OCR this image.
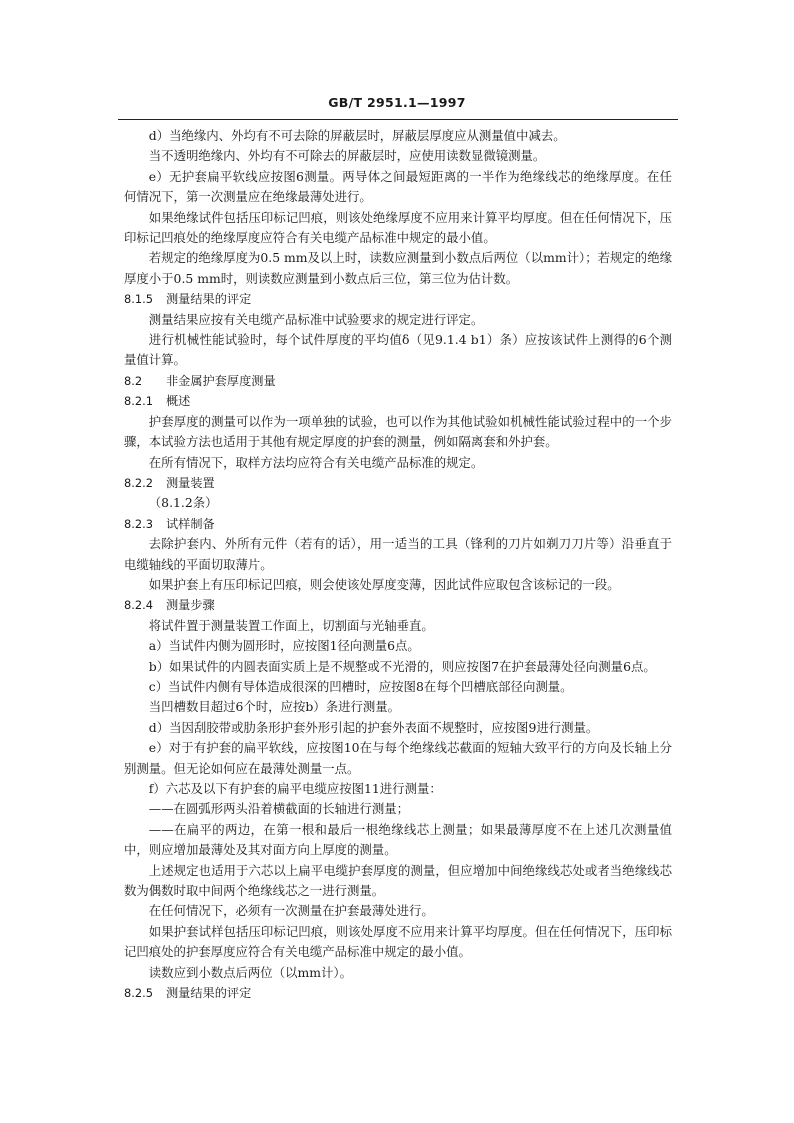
GB/T 2951.1—1997

d）当绝缘内、外均有不可去除的屏蔽层时，屏蔽层厚度应从测量值中减去。

当不透明绝缘内、外均有不可除去的屏蔽层时，应使用读数显微镜测量。

e）无护套扁平软线应按图6测量。两导体之间最短距离的一半作为绝缘线芯的绝缘厚度。在任何情况下，第一次测量应在绝缘最薄处进行。

如果绝缘试件包括压印标记凹痕，则该处绝缘厚度不应用来计算平均厚度。但在任何情况下，压印标记凹痕处的绝缘厚度应符合有关电缆产品标准中规定的最小值。

若规定的绝缘厚度为0.5 mm及以上时，读数应测量到小数点后两位（以mm计）；若规定的绝缘厚度小于0.5 mm时，则读数应测量到小数点后三位，第三位为估计数。

8.1.5 测量结果的评定

测量结果应按有关电缆产品标准中试验要求的规定进行评定。

进行机械性能试验时，每个试件厚度的平均值δ（见9.1.4 b1）条）应按该试件上测得的6个测量值计算。

8.2 非金属护套厚度测量
8.2.1 概述

护套厚度的测量可以作为一项单独的试验，也可以作为其他试验如机械性能试验过程中的一个步骤，本试验方法也适用于其他有规定厚度的护套的测量，例如隔离套和外护套。

在所有情况下，取样方法均应符合有关电缆产品标准的规定。

8.2.2 测量装置

（8.1.2条）

8.2.3 试样制备

去除护套内、外所有元件（若有的话），用一适当的工具（锋利的刀片如剃刀刀片等）沿垂直于电缆轴线的平面切取薄片。

如果护套上有压印标记凹痕，则会使该处厚度变薄，因此试件应取包含该标记的一段。

8.2.4 测量步骤

将试件置于测量装置工作面上，切割面与光轴垂直。

a）当试件内侧为圆形时，应按图1径向测量6点。

b）如果试件的内圆表面实质上是不规整或不光滑的，则应按图7在护套最薄处径向测量6点。

c）当试件内侧有导体造成很深的凹槽时，应按图8在每个凹槽底部径向测量。

当凹槽数目超过6个时，应按b）条进行测量。

d）当因刮胶带或肋条形护套外形引起的护套外表面不规整时，应按图9进行测量。

e）对于有护套的扁平软线，应按图10在与每个绝缘线芯截面的短轴大致平行的方向及长轴上分别测量。但无论如何应在最薄处测量一点。

f）六芯及以下有护套的扁平电缆应按图11进行测量：

——在圆弧形两头沿着横截面的长轴进行测量；

——在扁平的两边，在第一根和最后一根绝缘线芯上测量；如果最薄厚度不在上述几次测量值中，则应增加最薄处及其对面方向上厚度的测量。

上述规定也适用于六芯以上扁平电缆护套厚度的测量，但应增加中间绝缘线芯处或者当绝缘线芯数为偶数时取中间两个绝缘线芯之一进行测量。

在任何情况下，必须有一次测量在护套最薄处进行。

如果护套试样包括压印标记凹痕，则该处厚度不应用来计算平均厚度。但在任何情况下，压印标记凹痕处的护套厚度应符合有关电缆产品标准中规定的最小值。

读数应到小数点后两位（以mm计）。

8.2.5 测量结果的评定
